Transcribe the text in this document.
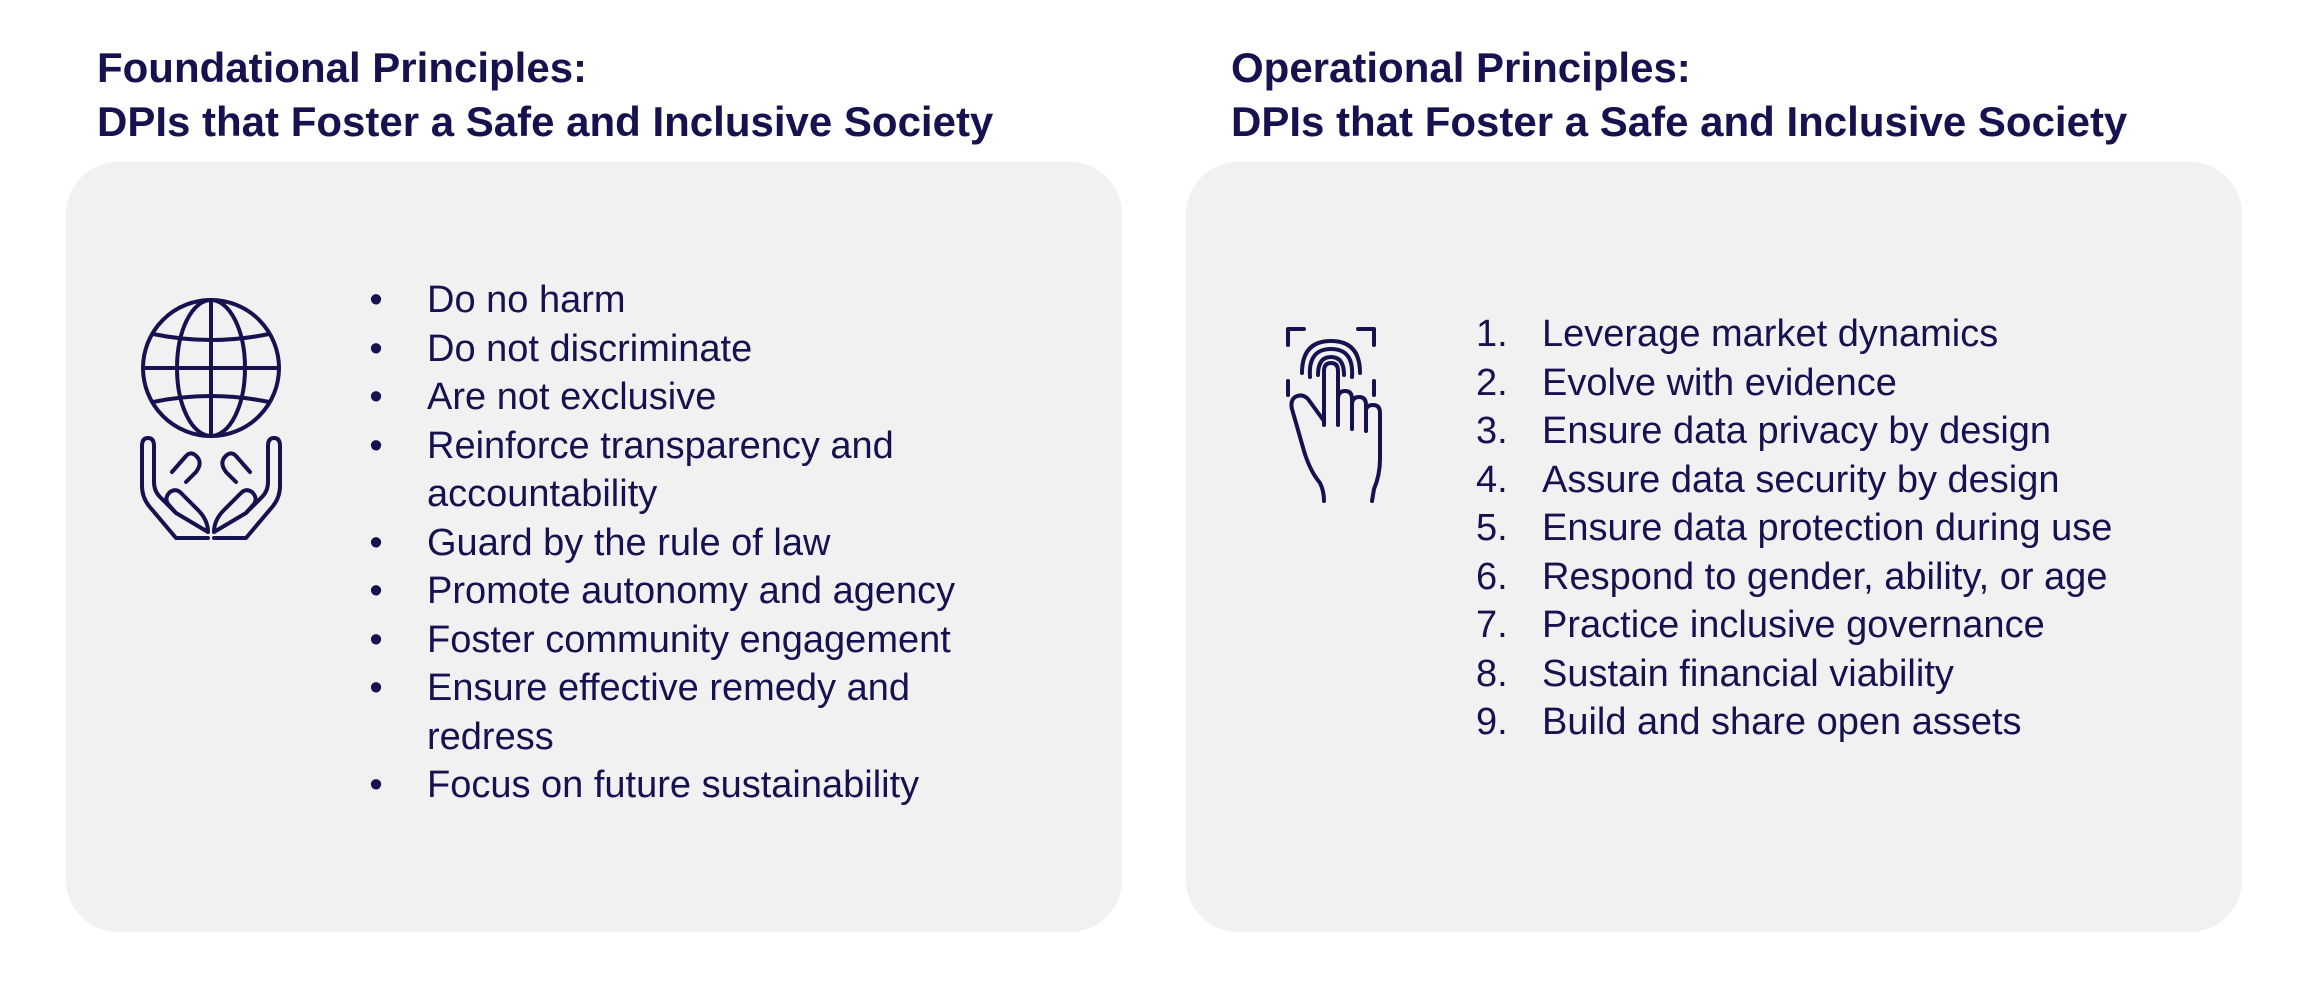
Foundational Principles:
DPIs that Foster a Safe and Inclusive Society
Operational Principles:
DPIs that Foster a Safe and Inclusive Society
• Do no harm
• Do not discriminate
• Are not exclusive
• Reinforce transparency and
accountability
• Guard by the rule of law
• Promote autonomy and agency
• Foster community engagement
• Ensure effective remedy and
redress
• Focus on future sustainability
1. Leverage market dynamics
2. Evolve with evidence
3. Ensure data privacy by design
4. Assure data security by design
5. Ensure data protection during use
6. Respond to gender, ability, or age
7. Practice inclusive governance
8. Sustain financial viability
9. Build and share open assets
